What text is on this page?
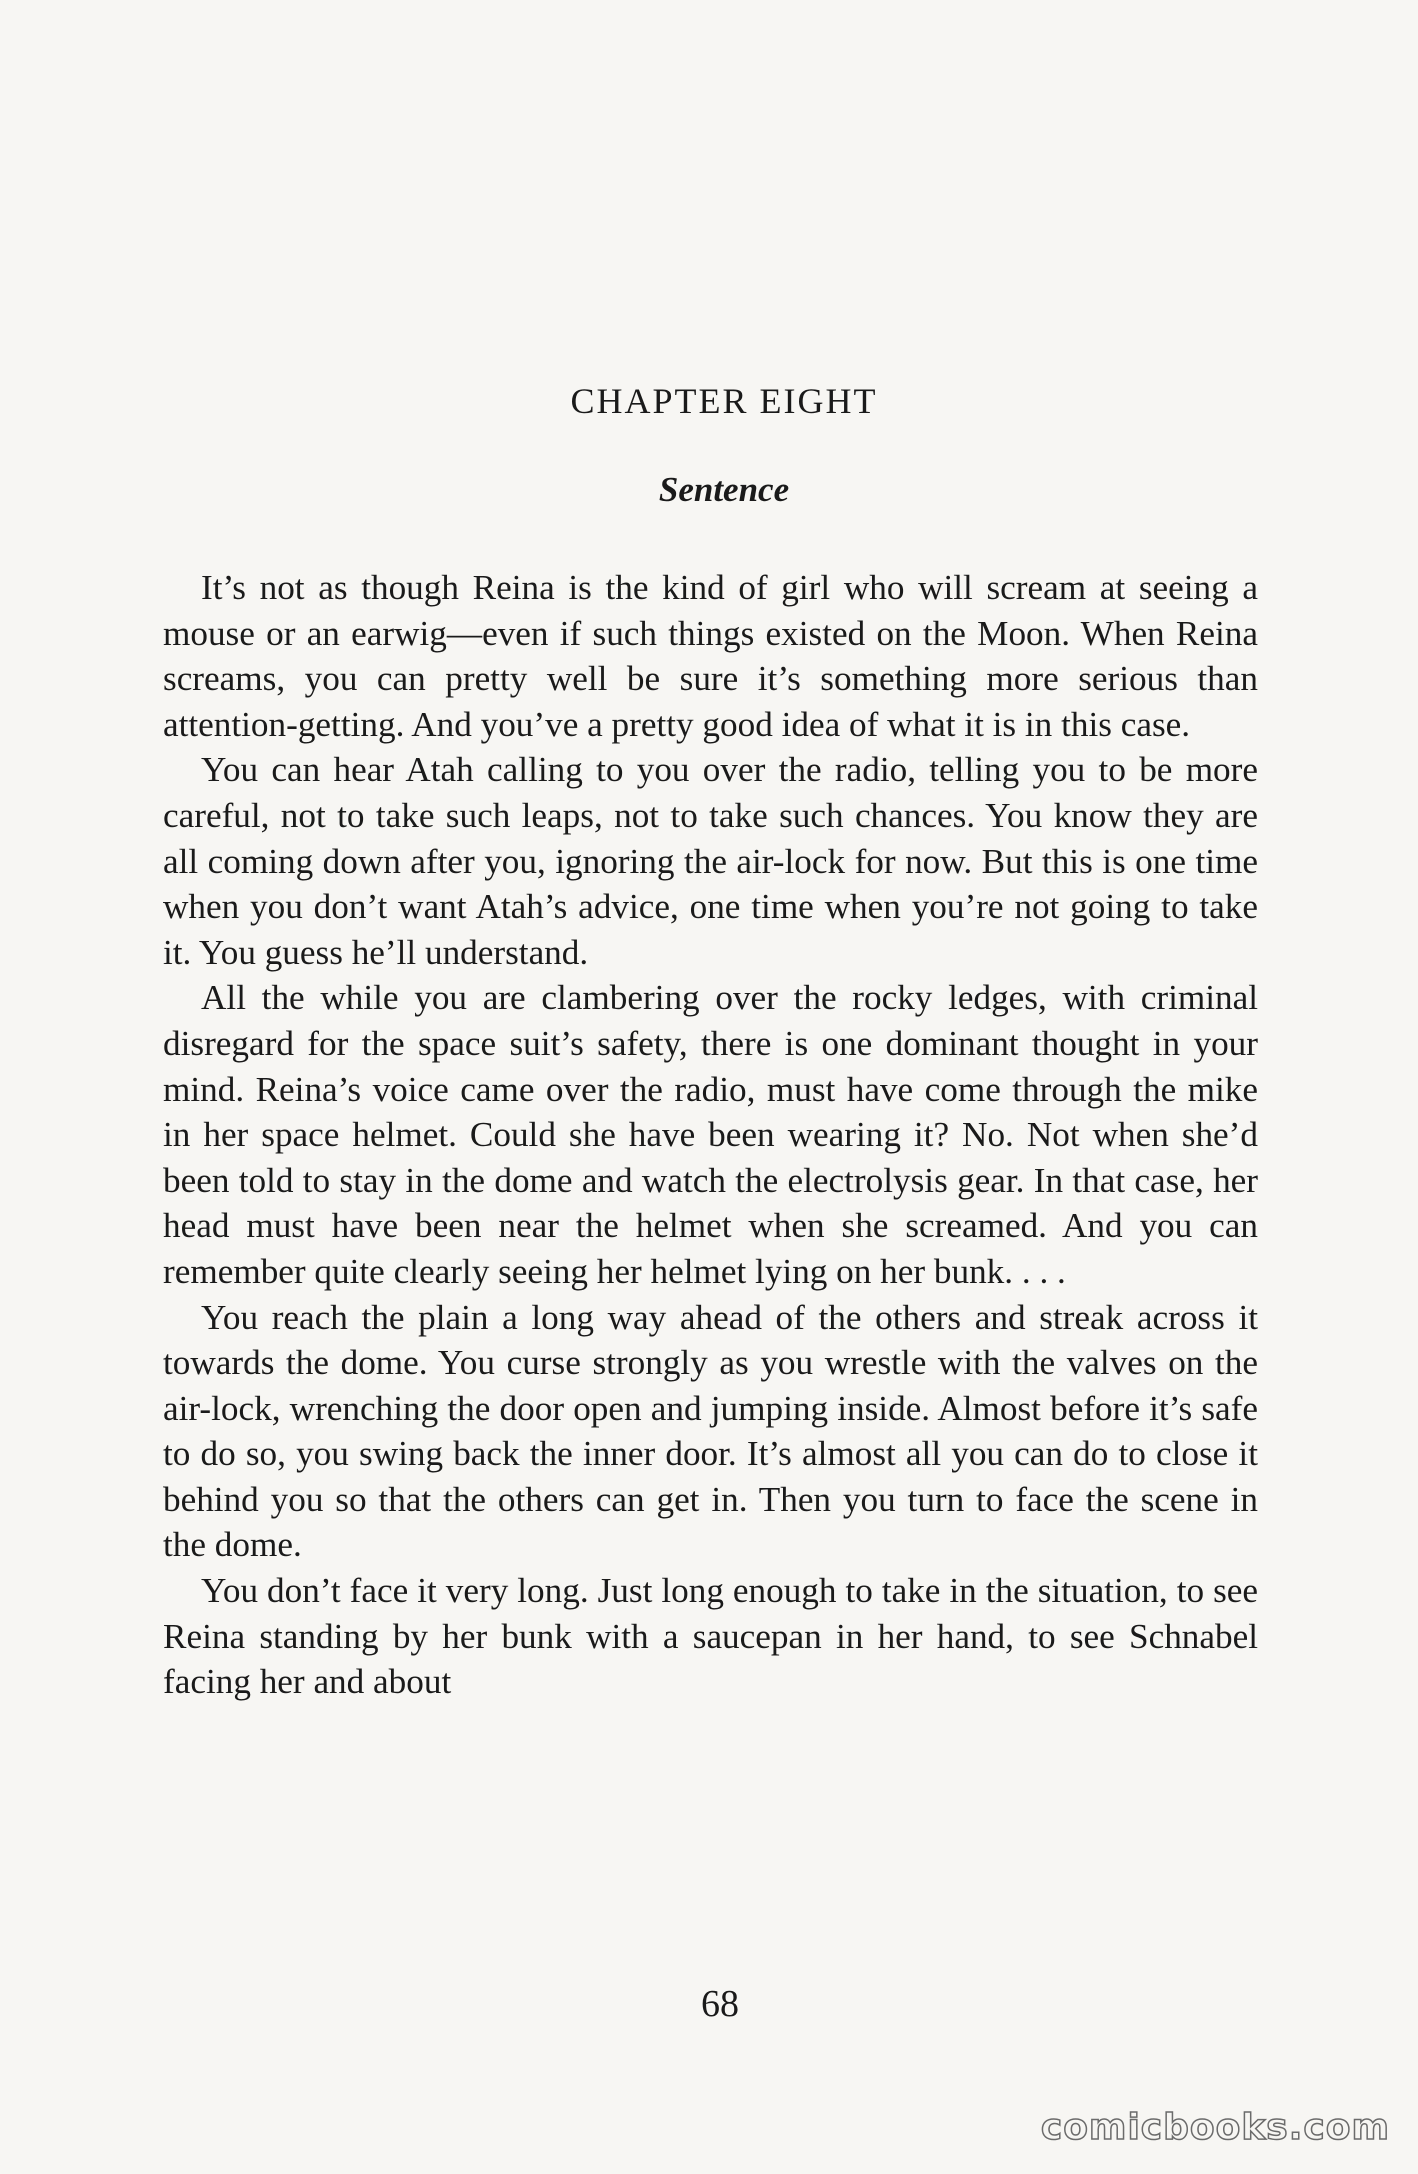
CHAPTER EIGHT
Sentence

It’s not as though Reina is the kind of girl who will scream at seeing a mouse or an earwig—even if such things existed on the Moon. When Reina screams, you can pretty well be sure it’s something more serious than attention-getting. And you’ve a pretty good idea of what it is in this case.

You can hear Atah calling to you over the radio, telling you to be more careful, not to take such leaps, not to take such chances. You know they are all coming down after you, ignoring the air-lock for now. But this is one time when you don’t want Atah’s advice, one time when you’re not going to take it. You guess he’ll understand.

All the while you are clambering over the rocky ledges, with criminal disregard for the space suit’s safety, there is one dominant thought in your mind. Reina’s voice came over the radio, must have come through the mike in her space helmet. Could she have been wearing it? No. Not when she’d been told to stay in the dome and watch the electrolysis gear. In that case, her head must have been near the helmet when she screamed. And you can remember quite clearly seeing her helmet lying on her bunk. . . .

You reach the plain a long way ahead of the others and streak across it towards the dome. You curse strongly as you wrestle with the valves on the air-lock, wrenching the door open and jumping inside. Almost before it’s safe to do so, you swing back the inner door. It’s almost all you can do to close it behind you so that the others can get in. Then you turn to face the scene in the dome.

You don’t face it very long. Just long enough to take in the situation, to see Reina standing by her bunk with a saucepan in her hand, to see Schnabel facing her and about

68
comicbooks.com
